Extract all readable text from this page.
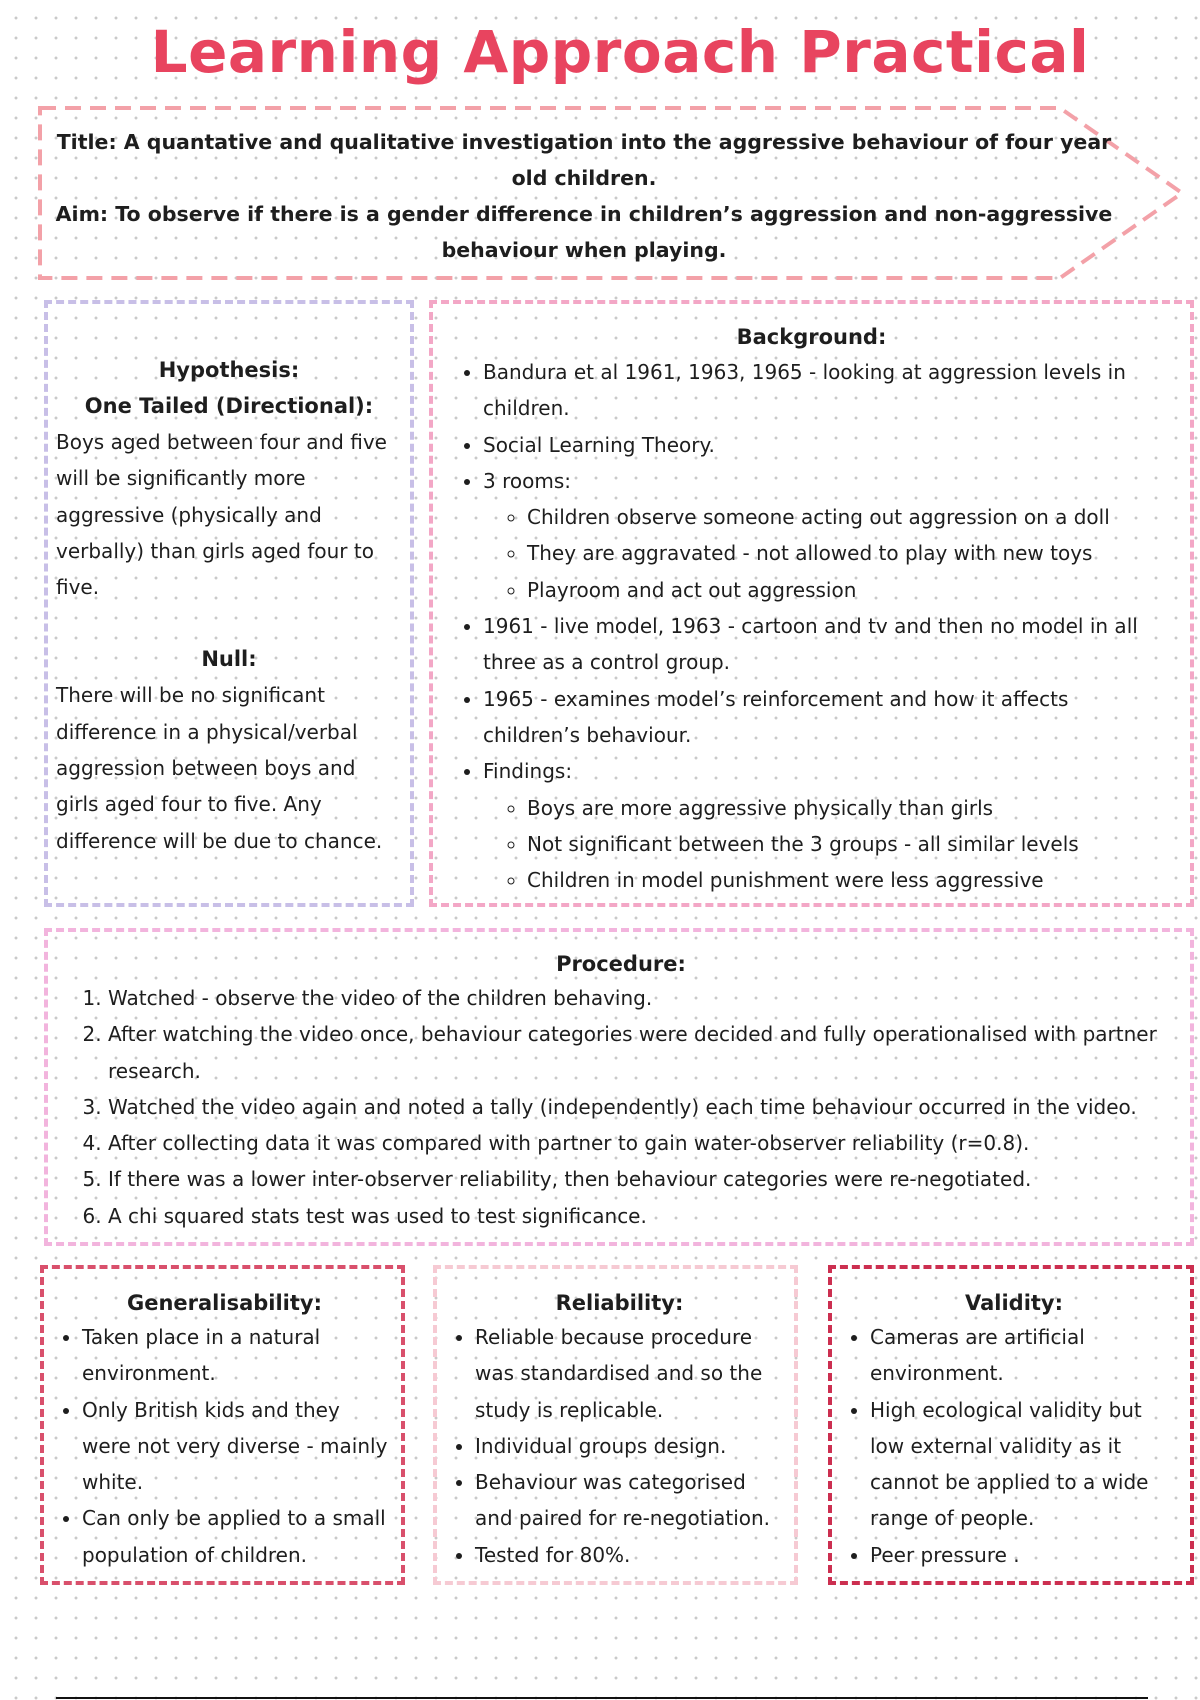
Learning Approach Practical
Title: A quantative and qualitative investigation into the aggressive behaviour of four year old children.
Aim: To observe if there is a gender difference in children’s aggression and non-aggressive behaviour when playing.
Hypothesis:
One Tailed (Directional):
Boys aged between four and five will be significantly more aggressive (physically and verbally) than girls aged four to five.
Null:
There will be no significant difference in a physical/verbal aggression between boys and girls aged four to five. Any difference will be due to chance.
Background:
• Bandura et al 1961, 1963, 1965 - looking at aggression levels in children.
• Social Learning Theory.
• 3 rooms:
◦ Children observe someone acting out aggression on a doll
◦ They are aggravated - not allowed to play with new toys
◦ Playroom and act out aggression
• 1961 - live model, 1963 - cartoon and tv and then no model in all three as a control group.
• 1965 - examines model’s reinforcement and how it affects children’s behaviour.
• Findings:
◦ Boys are more aggressive physically than girls
◦ Not significant between the 3 groups - all similar levels
◦ Children in model punishment were less aggressive
Procedure:
1. Watched - observe the video of the children behaving.
2. After watching the video once, behaviour categories were decided and fully operationalised with partner research.
3. Watched the video again and noted a tally (independently) each time behaviour occurred in the video.
4. After collecting data it was compared with partner to gain water-observer reliability (r=0.8).
5. If there was a lower inter-observer reliability, then behaviour categories were re-negotiated.
6. A chi squared stats test was used to test significance.
Generalisability:
• Taken place in a natural environment.
• Only British kids and they were not very diverse - mainly white.
• Can only be applied to a small population of children.
Reliability:
• Reliable because procedure was standardised and so the study is replicable.
• Individual groups design.
• Behaviour was categorised and paired for re-negotiation.
• Tested for 80%.
Validity:
• Cameras are artificial environment.
• High ecological validity but low external validity as it cannot be applied to a wide range of people.
• Peer pressure .
